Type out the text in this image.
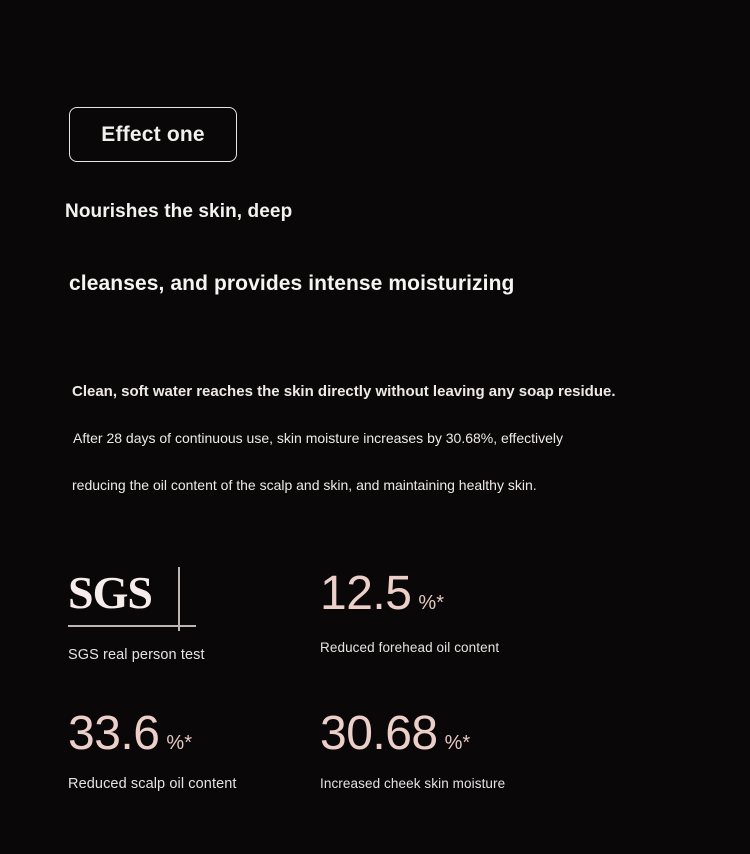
Effect one
Nourishes the skin, deep
cleanses, and provides intense moisturizing
Clean, soft water reaches the skin directly without leaving any soap residue.
After 28 days of continuous use, skin moisture increases by 30.68%, effectively
reducing the oil content of the scalp and skin, and maintaining healthy skin.
SGS
SGS real person test
12.5 %*
Reduced forehead oil content
33.6 %*
Reduced scalp oil content
30.68 %*
Increased cheek skin moisture
